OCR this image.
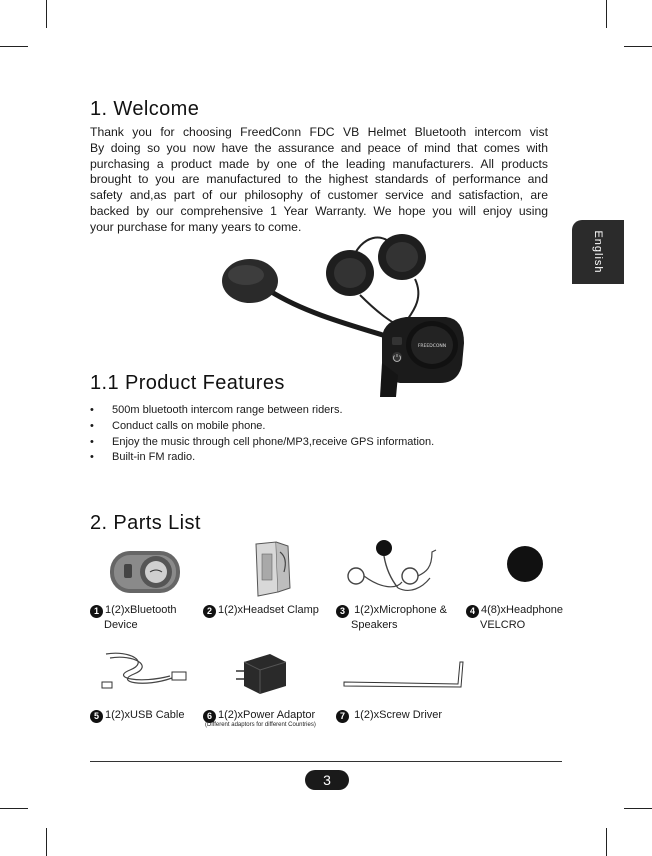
English
1. Welcome
Thank you for choosing FreedConn FDC VB Helmet Bluetooth intercom vist
By doing so you now have the assurance and peace of mind that comes with
purchasing a product made by one of the leading manufacturers. All products
brought to you are manufactured to the highest standards of performance and
safety and,as part of our philosophy of customer service and satisfaction, are
backed by our comprehensive 1 Year Warranty. We hope you will enjoy using
your purchase for many years to come.
FREEDCONN
1.1 Product Features
• 500m bluetooth intercom range between riders.
• Conduct calls on mobile phone.
• Enjoy the music through cell phone/MP3,receive GPS information.
• Built-in FM radio.
2. Parts List
1 1(2)xBluetooth
Device
2 1(2)xHeadset Clamp	3 1(2)xMicrophone &
Speakers
4 4(8)xHeadphone
VELCRO
5 1(2)xUSB Cable	6 1(2)xPower Adaptor
(Different adaptors for different Countries)
7 1(2)xScrew Driver
3
